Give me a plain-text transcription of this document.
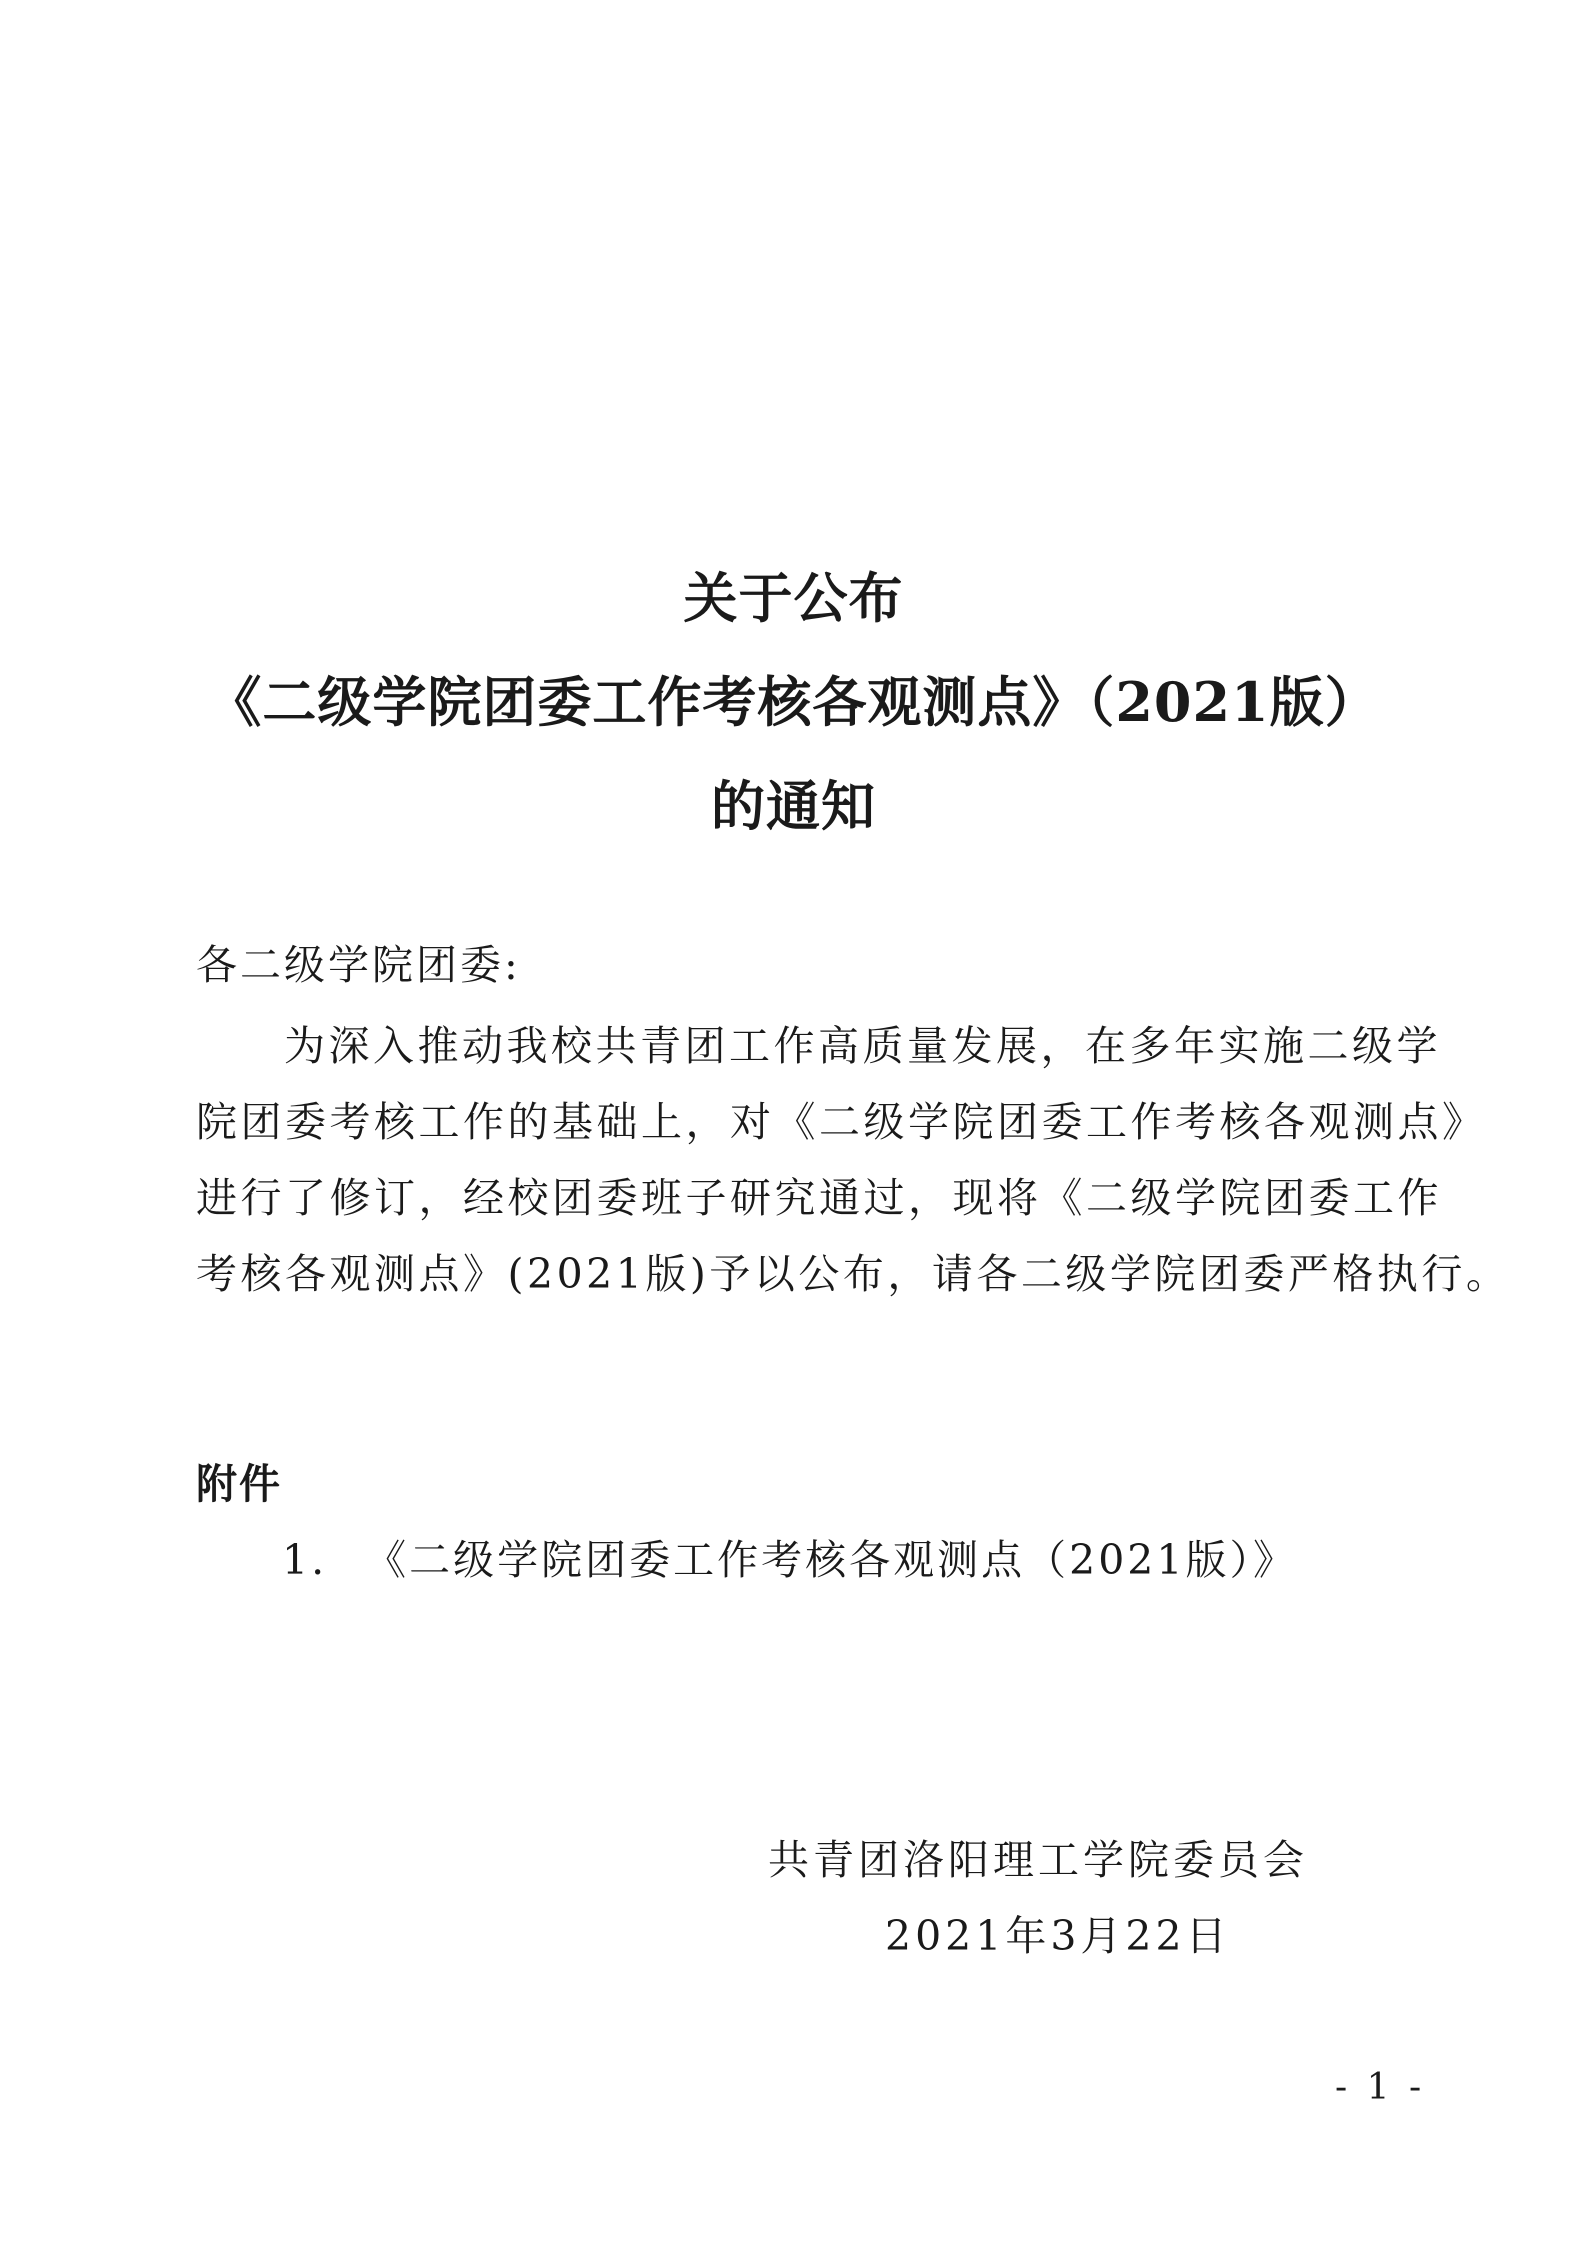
关于公布
《二级学院团委工作考核各观测点》（2021版）
的通知
各二级学院团委:
为深入推动我校共青团工作高质量发展，在多年实施二级学
院团委考核工作的基础上，对《二级学院团委工作考核各观测点》
进行了修订，经校团委班子研究通过，现将《二级学院团委工作
考核各观测点》(2021版)予以公布，请各二级学院团委严格执行。
附件
1. 《二级学院团委工作考核各观测点（2021版）》
共青团洛阳理工学院委员会
2021年3月22日
- 1 -
